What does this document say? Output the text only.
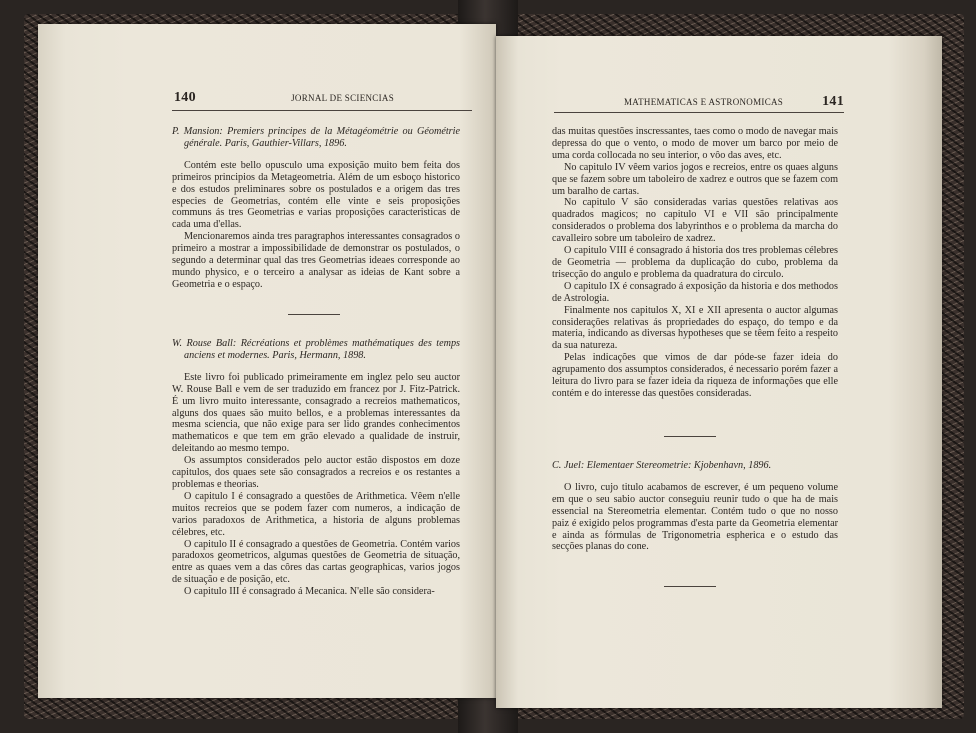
140	JORNAL DE SCIENCIAS

P. Mansion: Premiers principes de la Métagéométrie ou Géométrie générale. Paris, Gauthier-Villars, 1896.

Contém este bello opusculo uma exposição muito bem feita dos primeiros principios da Metageometria. Além de um esboço historico e dos estudos preliminares sobre os postulados e a origem das tres especies de Geometrias, contém elle vinte e seis proposições communs ás tres Geometrias e varias proposições caracteristicas de cada uma d'ellas.

Mencionaremos ainda tres paragraphos interessantes consagrados o primeiro a mostrar a impossibilidade de demonstrar os postulados, o segundo a determinar qual das tres Geometrias ideaes corresponde ao mundo physico, e o terceiro a analysar as ideias de Kant sobre a Geometria e o espaço.

W. Rouse Ball: Récréations et problèmes mathématiques des temps anciens et modernes. Paris, Hermann, 1898.

Este livro foi publicado primeiramente em inglez pelo seu auctor W. Rouse Ball e vem de ser traduzido em francez por J. Fitz-Patrick. É um livro muito interessante, consagrado a recreios mathematicos, alguns dos quaes são muito bellos, e a problemas interessantes da mesma sciencia, que não exige para ser lido grandes conhecimentos mathematicos e que tem em grão elevado a qualidade de instruir, deleitando ao mesmo tempo.

Os assumptos considerados pelo auctor estão dispostos em doze capitulos, dos quaes sete são consagrados a recreios e os restantes a problemas e theorias.

O capitulo I é consagrado a questões de Arithmetica. Vêem n'elle muitos recreios que se podem fazer com numeros, a indicação de varios paradoxos de Arithmetica, a historia de alguns problemas célebres, etc.

O capitulo II é consagrado a questões de Geometria. Contém varios paradoxos geometricos, algumas questões de Geometria de situação, entre as quaes vem a das côres das cartas geographicas, varios jogos de situação e de posição, etc.

O capitulo III é consagrado á Mecanica. N'elle são considera-

MATHEMATICAS E ASTRONOMICAS	141

das muitas questões inscressantes, taes como o modo de navegar mais depressa do que o vento, o modo de mover um barco por meio de uma corda collocada no seu interior, o vôo das aves, etc.

No capitulo IV vêem varios jogos e recreios, entre os quaes alguns que se fazem sobre um taboleiro de xadrez e outros que se fazem com um baralho de cartas.

No capitulo V são consideradas varias questões relativas aos quadrados magicos; no capitulo VI e VII são principalmente considerados o problema dos labyrinthos e o problema da marcha do cavalleiro sobre um taboleiro de xadrez.

O capitulo VIII é consagrado á historia dos tres problemas célebres de Geometria — problema da duplicação do cubo, problema da trisecção do angulo e problema da quadratura do circulo.

O capitulo IX é consagrado á exposição da historia e dos methodos de Astrologia.

Finalmente nos capitulos X, XI e XII apresenta o auctor algumas considerações relativas ás propriedades do espaço, do tempo e da materia, indicando as diversas hypotheses que se têem feito a respeito da sua natureza.

Pelas indicações que vimos de dar póde-se fazer ideia do agrupamento dos assumptos considerados, é necessario porém fazer a leitura do livro para se fazer ideia da riqueza de informações que elle contém e do interesse das questões consideradas.

C. Juel: Elementaer Stereometrie: Kjobenhavn, 1896.

O livro, cujo titulo acabamos de escrever, é um pequeno volume em que o seu sabio auctor conseguiu reunir tudo o que ha de mais essencial na Stereometria elementar. Contém tudo o que no nosso paiz é exigido pelos programmas d'esta parte da Geometria elementar e ainda as fórmulas de Trigonometria espherica e o estudo das secções planas do cone.
